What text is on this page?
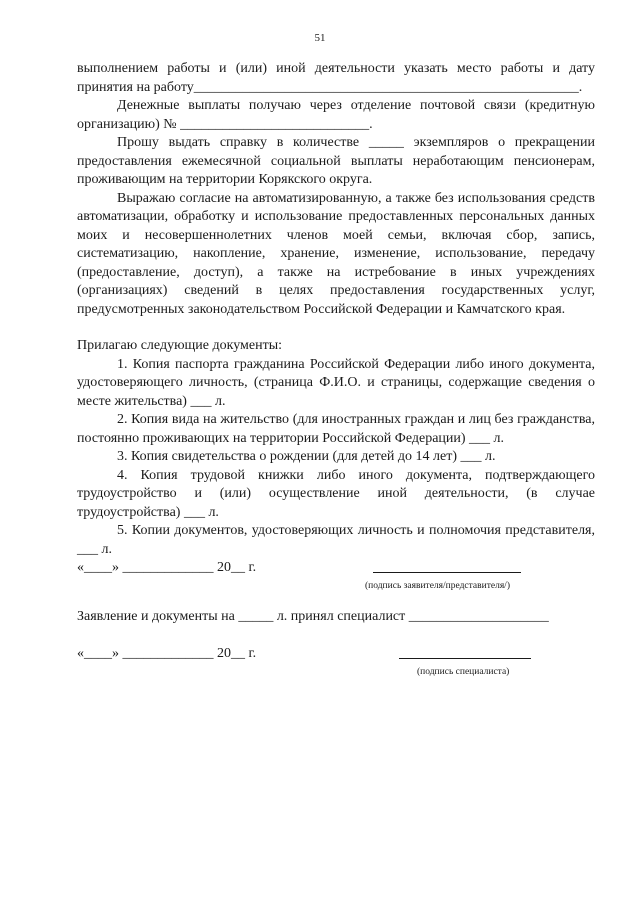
51

выполнением работы и (или) иной деятельности указать место работы и дату принятия на работу_______________________________________________________.

Денежные выплаты получаю через отделение почтовой связи (кредитную организацию) № ___________________________.

Прошу выдать справку в количестве _____ экземпляров о прекращении предоставления ежемесячной социальной выплаты неработающим пенсионерам, проживающим на территории Корякского округа.

Выражаю согласие на автоматизированную, а также без использования средств автоматизации, обработку и использование предоставленных персональных данных моих и несовершеннолетних членов моей семьи, включая сбор, запись, систематизацию, накопление, хранение, изменение, использование, передачу (предоставление, доступ), а также на истребование в иных учреждениях (организациях) сведений в целях предоставления государственных услуг, предусмотренных законодательством Российской Федерации и Камчатского края.

Прилагаю следующие документы:

1. Копия паспорта гражданина Российской Федерации либо иного документа, удостоверяющего личность, (страница Ф.И.О. и страницы, содержащие сведения о месте жительства) ___ л.

2. Копия вида на жительство (для иностранных граждан и лиц без гражданства, постоянно проживающих на территории Российской Федерации) ___ л.

3. Копия свидетельства о рождении (для детей до 14 лет) ___ л.

4. Копия трудовой книжки либо иного документа, подтверждающего трудоустройство и (или) осуществление иной деятельности, (в случае трудоустройства) ___ л.

5. Копии документов, удостоверяющих личность и полномочия представителя, ___ л.

«____» _____________ 20__ г.
(подпись заявителя/представителя/)

Заявление и документы на _____ л. принял специалист ____________________

«____» _____________ 20__ г.
(подпись специалиста)
